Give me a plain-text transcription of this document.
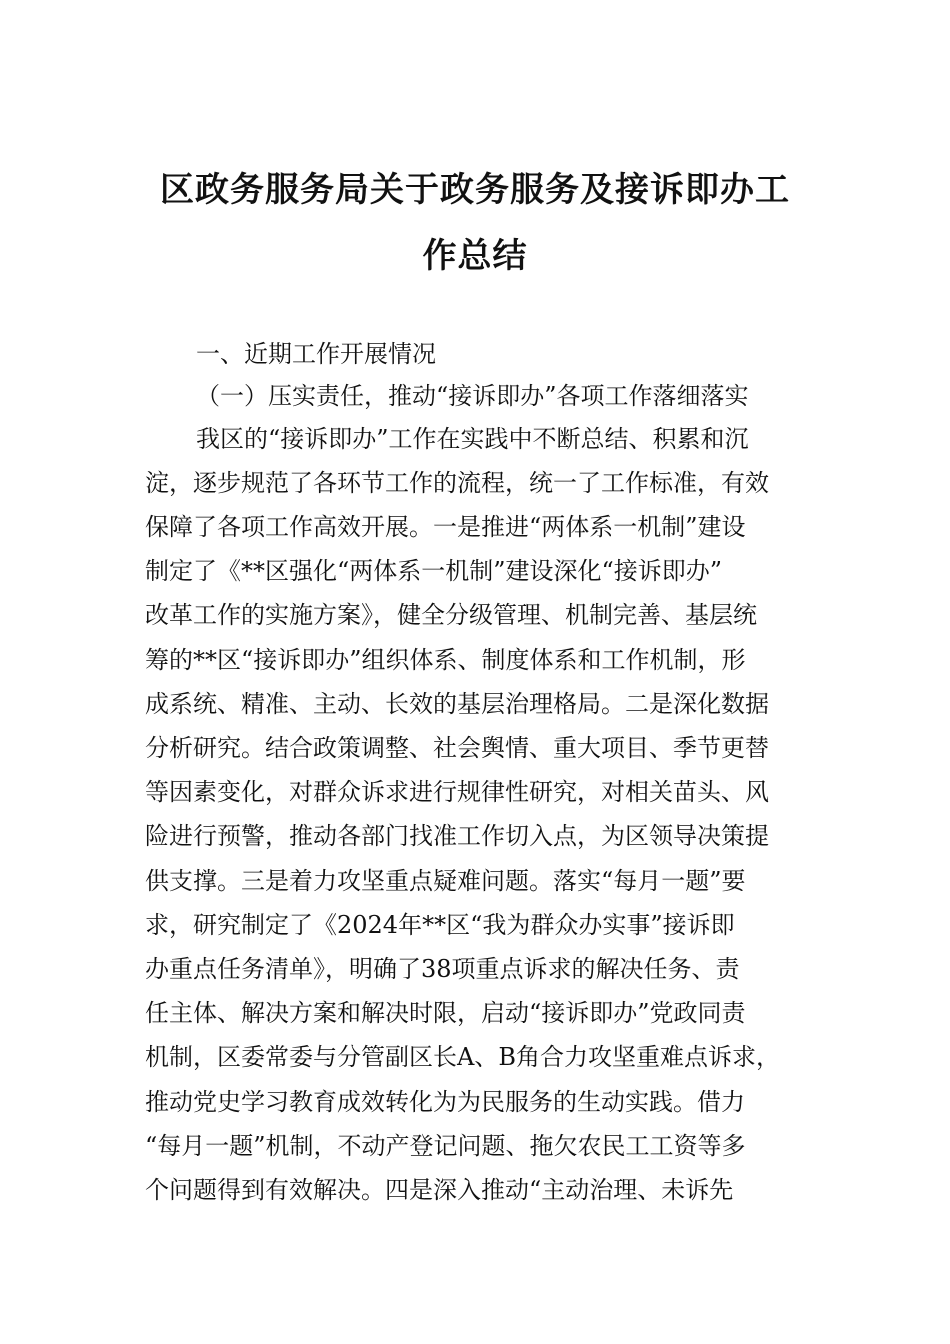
区政务服务局关于政务服务及接诉即办工
作总结
一、近期工作开展情况
（一）压实责任，推动“接诉即办”各项工作落细落实
我区的“接诉即办”工作在实践中不断总结、积累和沉
淀，逐步规范了各环节工作的流程，统一了工作标准，有效
保障了各项工作高效开展。一是推进“两体系一机制”建设
制定了《**区强化“两体系一机制”建设深化“接诉即办”
改革工作的实施方案》，健全分级管理、机制完善、基层统
筹的**区“接诉即办”组织体系、制度体系和工作机制，形
成系统、精准、主动、长效的基层治理格局。二是深化数据
分析研究。结合政策调整、社会舆情、重大项目、季节更替
等因素变化，对群众诉求进行规律性研究，对相关苗头、风
险进行预警，推动各部门找准工作切入点，为区领导决策提
供支撑。三是着力攻坚重点疑难问题。落实“每月一题”要
求，研究制定了《2024年**区“我为群众办实事”接诉即
办重点任务清单》，明确了38项重点诉求的解决任务、责
任主体、解决方案和解决时限，启动“接诉即办”党政同责
机制，区委常委与分管副区长A、B角合力攻坚重难点诉求，
推动党史学习教育成效转化为为民服务的生动实践。借力
“每月一题”机制，不动产登记问题、拖欠农民工工资等多
个问题得到有效解决。四是深入推动“主动治理、未诉先
